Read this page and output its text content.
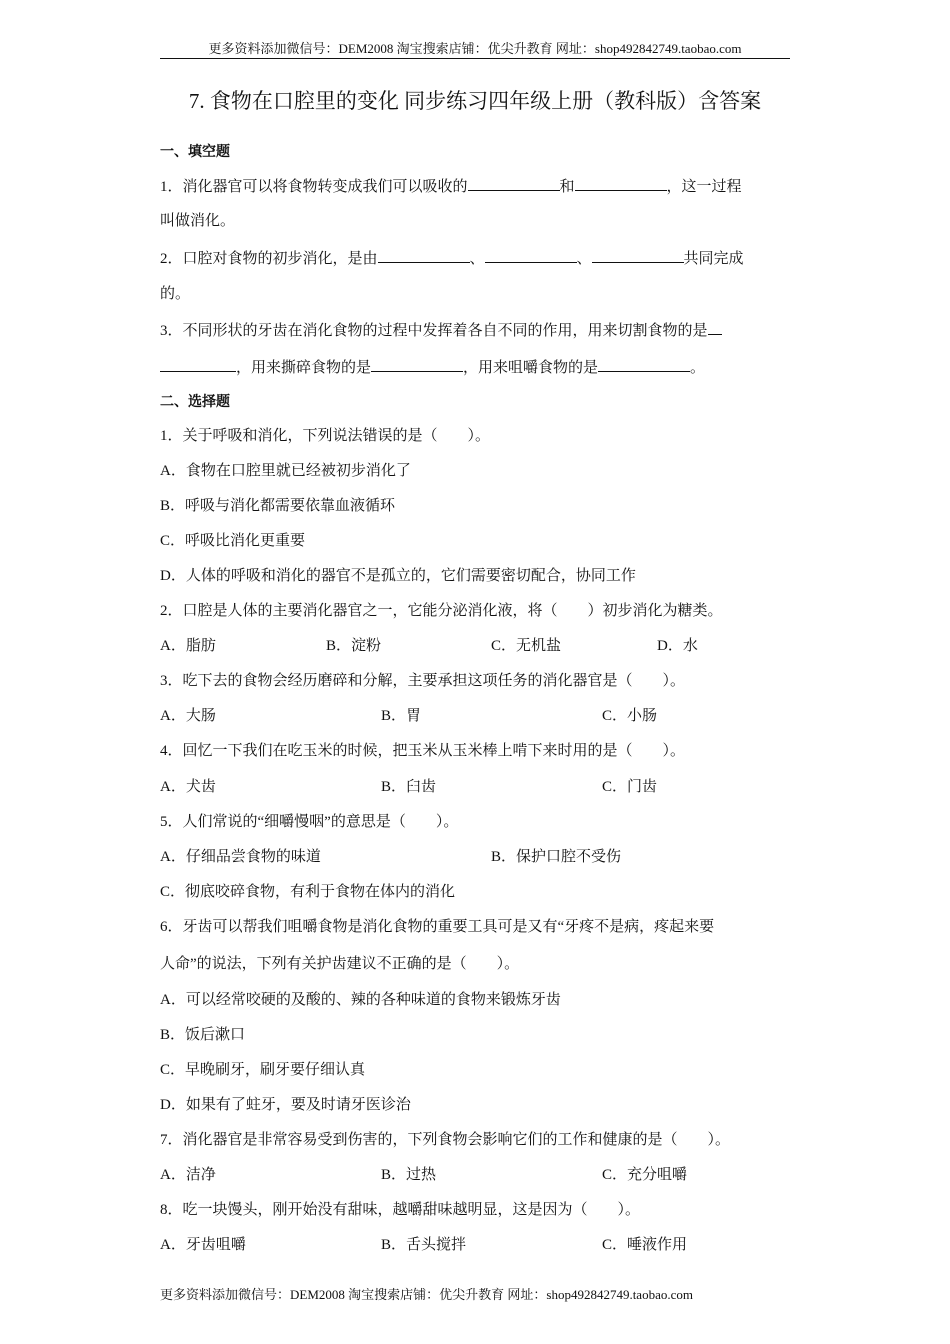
更多资料添加微信号：DEM2008 淘宝搜索店铺：优尖升教育 网址：shop492842749.taobao.com
7. 食物在口腔里的变化 同步练习四年级上册（教科版）含答案
一、填空题
1．消化器官可以将食物转变成我们可以吸收的	和	，这一过程
叫做消化。
2．口腔对食物的初步消化，是由	、	、	共同完成
的。
3．不同形状的牙齿在消化食物的过程中发挥着各自不同的作用，用来切割食物的是
，用来撕碎食物的是	，用来咀嚼食物的是	。
二、选择题
1．关于呼吸和消化，下列说法错误的是（　　）。
A．食物在口腔里就已经被初步消化了
B．呼吸与消化都需要依靠血液循环
C．呼吸比消化更重要
D．人体的呼吸和消化的器官不是孤立的，它们需要密切配合，协同工作
2．口腔是人体的主要消化器官之一，它能分泌消化液，将（　　）初步消化为糖类。
A．脂肪	B．淀粉	C．无机盐	D．水
3．吃下去的食物会经历磨碎和分解，主要承担这项任务的消化器官是（　　）。
A．大肠	B．胃	C．小肠
4．回忆一下我们在吃玉米的时候，把玉米从玉米棒上啃下来时用的是（　　）。
A．犬齿	B．臼齿	C．门齿
5．人们常说的“细嚼慢咽”的意思是（　　）。
A．仔细品尝食物的味道	B．保护口腔不受伤
C．彻底咬碎食物，有利于食物在体内的消化
6．牙齿可以帮我们咀嚼食物是消化食物的重要工具可是又有“牙疼不是病，疼起来要
人命”的说法，下列有关护齿建议不正确的是（　　）。
A．可以经常咬硬的及酸的、辣的各种味道的食物来锻炼牙齿
B．饭后漱口
C．早晚刷牙，刷牙要仔细认真
D．如果有了蛀牙，要及时请牙医诊治
7．消化器官是非常容易受到伤害的，下列食物会影响它们的工作和健康的是（　　）。
A．洁净	B．过热	C．充分咀嚼
8．吃一块馒头，刚开始没有甜味，越嚼甜味越明显，这是因为（　　）。
A．牙齿咀嚼	B．舌头搅拌	C．唾液作用
更多资料添加微信号：DEM2008 淘宝搜索店铺：优尖升教育 网址：shop492842749.taobao.com
